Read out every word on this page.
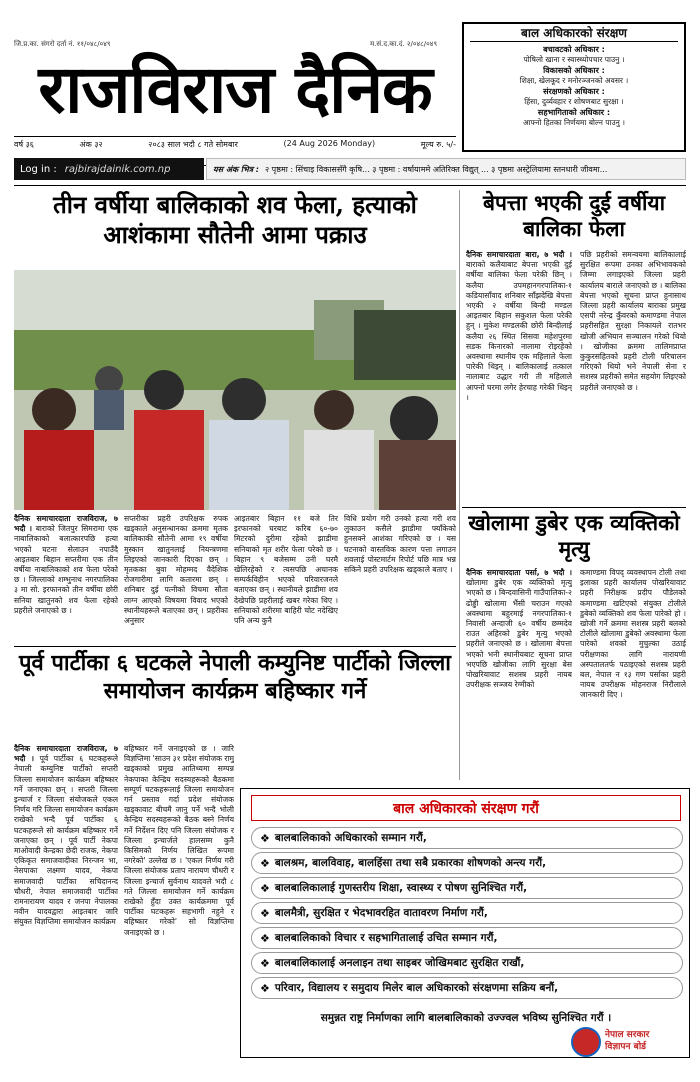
जि.प्र.का. संगरो दर्ता नं. ११/०४८/०४९	म.सं.द.का.दं. २/०४८/०४९
राजविराज दैनिक
वर्ष ३६	अंक ३२	२०८३ साल भदौ ८ गते सोमबार	(24 Aug 2026 Monday)	मूल्य रु. ५/-
Log in : rajbirajdainik.com.np	यस अंक भित्र : २ पृष्ठमा : सिंचाइ विकाससँगै कृषि... ३ पृष्ठमा : वर्षायाममे अतिरिक्त विद्युत् ... ३ पृष्ठमा अस्ट्रेलियामा स्तनधारी जीवमा...
बाल अधिकारको संरक्षण
बचावटको अधिकार :
पोषिलो खाना र स्वास्थ्योपचार पाउनु ।
विकासको अधिकार :
शिक्षा, खेलकूद र मनोरञ्जनको अवसर ।
संरक्षणको अधिकार :
हिंसा, दुर्व्यवहार र शोषणबाट सुरक्षा ।
सहभागिताको अधिकार :
आफ्नो हितका निर्णयमा बोल्न पाउनु ।
तीन वर्षीया बालिकाको शव फेला, हत्याको आशंकामा सौतेनी आमा पक्राउ
दैनिक समाचारदाता राजविराज, ७ भदौ । बाराको जितपुर सिमरामा एक नाबालिकाको बलात्कारपछि हत्या भएको घटना सेलाउन नपाउँदै आइतबार बिहान सप्तरीमा एक तीन वर्षीया नाबालिकाको शव फेला परेको छ । जिल्लाको शम्भुनाथ नगरपालिका ३ मा सो. इरफानको तीन वर्षीया छोरी सनिया खातुनको शव फेला रहेको प्रहरीले जनाएको छ ।
सप्तरीका प्रहरी उपरिक्षक रुपक खड्काले अनुसन्धानका क्रममा मृतक बालिकाकी सौतेनी आमा १९ वर्षीया मुस्कान खातुनलाई नियन्त्रणमा लिइएको जानकारी दिएका छन् । मृतकका बुवा मोहम्मद वैदेशिक रोजगारीमा लागि कतारमा छन् । शनिबार दुई पत्नीको विचमा सौता लाग्न आएको विषयमा विवाद भएको स्थानीयहरूले बताएका छन् । प्रहरीका अनुसार
आइतबार बिहान ११ बजे तिर इरफानको घरबाट करिब ६०-७० मिटरको दुरीमा रहेको झाडीमा सनियाको मृत शरीर फेला परेको छ । बिहान ९ बजेसम्म उनी घरमै खेलिरहेको र त्यसपछि अचानक सम्पर्कविहीन भएको परिवारजनले बताएका छन् । स्थानीयले झाडीमा शव देखेपछि प्रहरीलाई खबर गरेका थिए । सनियाको शरीरमा बाहिरी चोट नदेखिए पनि अन्य कुनै
विधि प्रयोग गरी उनको हत्या गरी शव लुकाउन कसैले झाडीमा फ्याँकेको हुनसक्ने आशंका गरिएको छ । यस घटनाको वास्तविक कारण पत्ता लगाउन शवलाई पोस्टमार्टम रिपोर्ट पछि मात्र भन्न सकिने प्रहरी उपरिक्षक खड्काले बताए ।
बेपत्ता भएकी दुई वर्षीया बालिका फेला
दैनिक समाचारदाता बारा, ७ भदौ । बाराको कलैयाबाट बेपत्ता भएकी दुई वर्षीया बालिका फेला परेकी छिन् । कलैया उपमहानगरपालिका-१ कडियासाँवाद शनिबार साँझदेखि बेपत्ता भएकी २ वर्षीया बिन्दी मण्डल आइतबार बिहान सकुशल फेला परेकी हुन् । मुकेश मण्डलकी छोरी बिन्दीलाई कलैया २६ स्थित सिसवा महेशपुरमा सडक किनारको नालामा रोइरहेको अवस्थामा स्थानीय एक महिलाले फेला पारेकी थिइन् । बालिकालाई तत्काल नालाबाट उद्धार गरी ती महिलाले आफ्नो घरमा लगेर हेरचाह गरेकी थिइन् ।
पछि प्रहरीको समन्वयमा बालिकालाई सुरक्षित रूपमा उनका अभिभावकको जिम्मा लगाइएको जिल्ला प्रहरी कार्यालय बाराले जनाएको छ । बालिका बेपत्ता भएको सूचना प्राप्त हुनासाथ जिल्ला प्रहरी कार्यालय बाराका प्रमुख एसपी नरेन्द्र कुँवरको कमाण्डमा नेपाल प्रहरीसहित सुरक्षा निकायले रातभर खोजी अभियान सञ्चालन गरेको थियो । खोजीका क्रममा तालिमप्राप्त कुकुरसहितको प्रहरी टोली परिचालन गरिएको थियो भने नेपाली सेना र सशस्त्र प्रहरीको समेत सहयोग लिइएको प्रहरीले जनाएको छ ।
खोलामा डुबेर एक व्यक्तिको मृत्यु
दैनिक समाचारदाता पर्सा, ७ भदौ । खोलामा डुबेर एक व्यक्तिको मृत्यु भएको छ । बिन्दवासिनी गाउँपालिका-२ ढोड्ढी खोलामा भैंसी चराउन गएको अवस्थामा बहुरमाई नगरपालिका-१ निवासी अन्दाजी ६० वर्षीय छम्मदेव राउत अहिरको डुबेर मृत्यु भएको प्रहरीले जनाएको छ । खोलामा बेपत्ता भएको भनी स्थानीयबाट सूचना प्राप्त भएपछि खोजीका लागि सुरक्षा बेस पोखरियावाट सशस्त्र प्रहरी नायब उपरीक्षक सञ्जय रेग्मीको
कमाण्डमा विपद् व्यवस्थापन टोली तथा इलाका प्रहरी कार्यालय पोखरियावाट प्रहरी निरीक्षक प्रदीप पौडेलको कमाण्डमा खटिएको संयुक्त टोलीले डुबेको व्यक्तिको शव फेला पारेको हो । खोजी गर्ने क्रममा सशस्त्र प्रहरी बलको टोलीले खोलामा डुबेको अवस्थामा फेला पारेको शवको मुचुल्का उठाई परीक्षणका लागि नारायणी अस्पतालतर्फ पठाइएको सशस्त्र प्रहरी बल, नेपाल न १३ गण पर्साका प्रहरी नायब उपरीक्षक मोहनराज निरौलाले जानकारी दिए ।
पूर्व पार्टीका ६ घटकले नेपाली कम्युनिष्ट पार्टीको जिल्ला समायोजन कार्यक्रम बहिष्कार गर्ने
दैनिक समाचारदाता राजविराज, ७ भदौ । पूर्व पार्टीका ६ घटकहरूले नेपाली कम्युनिष्ट पार्टीको सप्तरी जिल्ला समायोजन कार्यक्रम बहिष्कार गर्ने जनाएका छन् । सप्तरी जिल्ला इन्चार्ज र जिल्ला संयोजकले एकल निर्णय गरि जिल्ला समायोजन कार्यक्रम राखेको भन्दै पूर्व पार्टीका ६ घटकहरूले सो कार्यक्रम बहिष्कार गर्ने जनाएका छन् । पूर्व पार्टी नेकपा माओवादी केन्द्रका छेदी राजक, नेकपा एकिकृत समाजवादीका निरन्जन भा, नेसपाका लक्ष्मण यादव, नेकपा समाजवादी पार्टीका सचिदानन्द चौधरी, नेपाल समाजवादी पार्टीका रामनारायण यादव र जनपा नेपालका नवीन यादवद्वारा आइतबार जारि संयुक्त विज्ञप्तिमा समायोजन कार्यक्रम
बहिष्कार गर्ने जनाइएको छ । जारि विज्ञप्तिमा 'साउन ३१ प्रदेश संयोजक रामु खड्काको प्रमुख आतिथ्यमा सम्पन्न नेकपाका केन्द्रिय सदस्यहरूको बैठकमा सम्पूर्ण घटकहरूलाई जिल्ला समायोजन गर्न प्रस्ताव गर्दा प्रदेश संयोजक खड्कावाट बीचमै जानु पर्ने भन्दै भोली केन्द्रिय सदस्यहरूको बैठक बस्ने निर्णय गर्ने निर्देशन दिए पनि जिल्ला संयोजक र जिल्ला इन्चार्जले हालसम्म कुनै किसिमको निर्णय लिखित रूपमा नगरेको' उल्लेख छ । 'एकल निर्णय गरी जिल्ला संयोजक प्रताप नारायण चौधरी र जिल्ला इन्चार्ज सुर्वनाथ यादवले भदौ ८ गते जिल्ला समायोजन गर्ने कार्यक्रम राखेको हुँदा उक्त कार्यक्रममा पूर्व पार्टीका घटकहरू सहभागी नहुने र बहिष्कार गरेको' सो विज्ञप्तिमा जनाइएको छ ।
बाल अधिकारको संरक्षण गरौं
❖ बालबालिकाको अधिकारको सम्मान गरौं,
❖ बालश्रम, बालविवाह, बालहिंसा तथा सबै प्रकारका शोषणको अन्त्य गरौं,
❖ बालबालिकालाई गुणस्तरीय शिक्षा, स्वास्थ्य र पोषण सुनिश्चित गरौं,
❖ बालमैत्री, सुरक्षित र भेदभावरहित वातावरण निर्माण गरौं,
❖ बालबालिकाको विचार र सहभागितालाई उचित सम्मान गरौं,
❖ बालबालिकालाई अनलाइन तथा साइबर जोखिमबाट सुरक्षित राखौं,
❖ परिवार, विद्यालय र समुदाय मिलेर बाल अधिकारको संरक्षणमा सक्रिय बनौं,
समुन्नत राष्ट्र निर्माणका लागि बालबालिकाको उज्ज्वल भविष्य सुनिश्चित गरौं ।
नेपाल सरकार
विज्ञापन बोर्ड
